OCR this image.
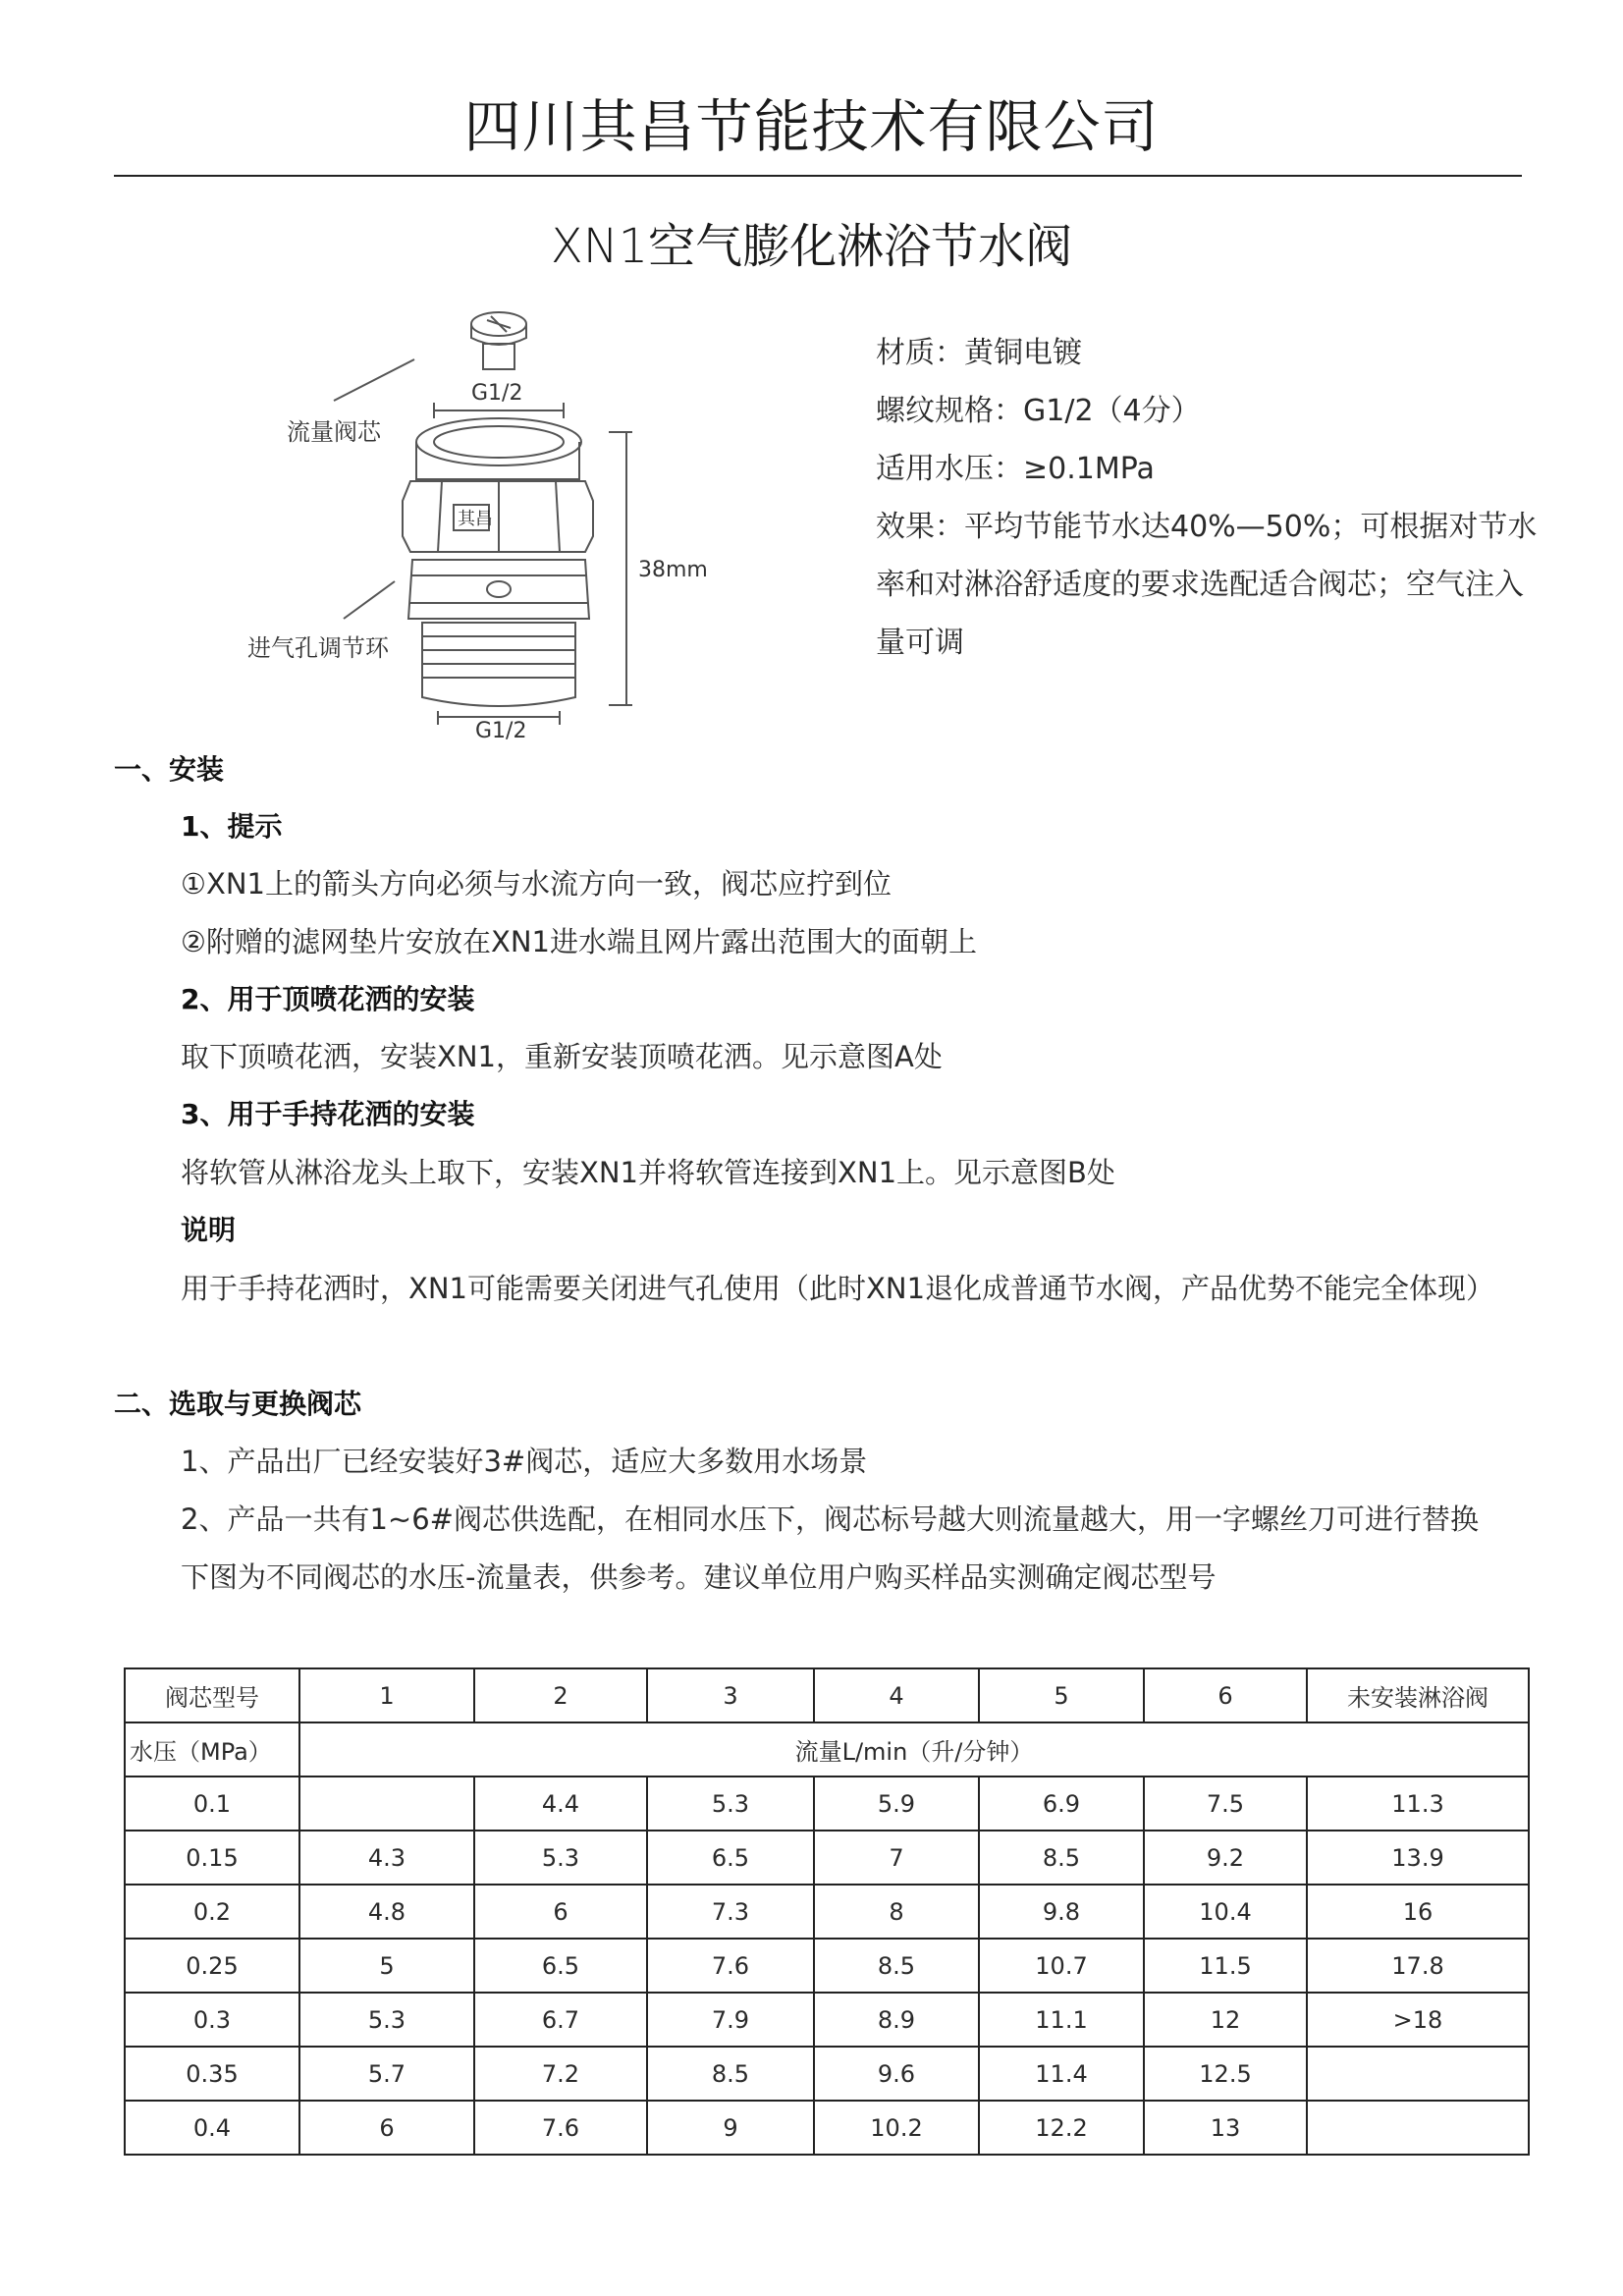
四川其昌节能技术有限公司
XN1空气膨化淋浴节水阀
流量阀芯
进气孔调节环
G1/2
G1/2
38mm
其昌
材质：黄铜电镀
螺纹规格：G1/2（4分）
适用水压：≥0.1MPa
效果：平均节能节水达40%—50%；可根据对节水率和对淋浴舒适度的要求选配适合阀芯；空气注入量可调
一、安装
1、提示
①XN1上的箭头方向必须与水流方向一致，阀芯应拧到位
②附赠的滤网垫片安放在XN1进水端且网片露出范围大的面朝上
2、用于顶喷花洒的安装
取下顶喷花洒，安装XN1，重新安装顶喷花洒。见示意图A处
3、用于手持花洒的安装
将软管从淋浴龙头上取下，安装XN1并将软管连接到XN1上。见示意图B处
说明
用于手持花洒时，XN1可能需要关闭进气孔使用（此时XN1退化成普通节水阀，产品优势不能完全体现）
二、选取与更换阀芯
1、产品出厂已经安装好3#阀芯，适应大多数用水场景
2、产品一共有1~6#阀芯供选配，在相同水压下，阀芯标号越大则流量越大，用一字螺丝刀可进行替换
下图为不同阀芯的水压-流量表，供参考。建议单位用户购买样品实测确定阀芯型号
阀芯型号	1	2	3	4	5	6	未安装淋浴阀
水压（MPa）	流量L/min（升/分钟）						
0.1		4.4	5.3	5.9	6.9	7.5	11.3
0.15	4.3	5.3	6.5	7	8.5	9.2	13.9
0.2	4.8	6	7.3	8	9.8	10.4	16
0.25	5	6.5	7.6	8.5	10.7	11.5	17.8
0.3	5.3	6.7	7.9	8.9	11.1	12	>18
0.35	5.7	7.2	8.5	9.6	11.4	12.5	
0.4	6	7.6	9	10.2	12.2	13	
